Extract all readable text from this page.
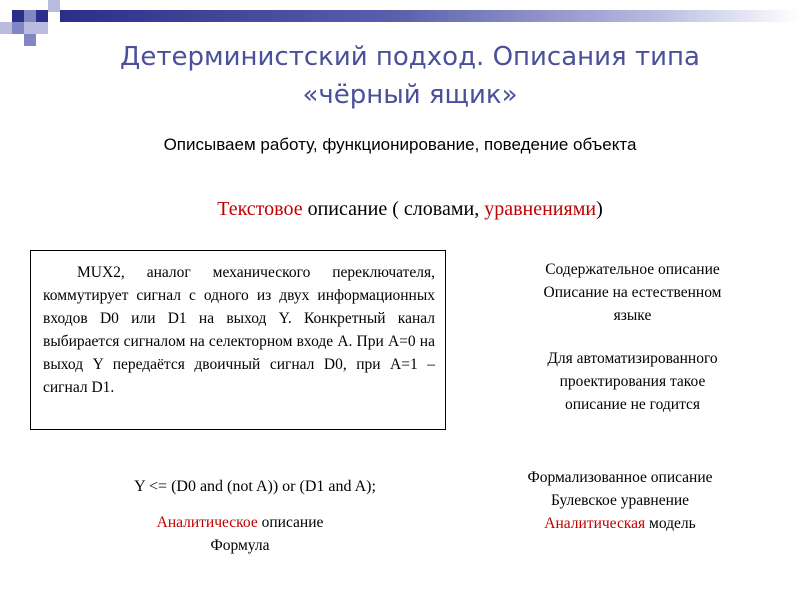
Детерминистский подход. Описания типа
«чёрный ящик»
Описываем работу, функционирование, поведение объекта
Текстовое описание ( словами, уравнениями)
MUX2, аналог механического переключателя, коммутирует сигнал с одного из двух информационных входов D0 или D1 на выход Y. Конкретный канал выбирается сигналом на селекторном входе A. При A=0 на выход Y передаётся двоичный сигнал D0, при A=1 – сигнал D1.
Содержательное описание
Описание на естественном
языке
Для автоматизированного
проектирования такое
описание не годится
Y <= (D0 and (not A)) or (D1 and A);
Аналитическое описание
Формула
Формализованное описание
Булевское уравнение
Аналитическая модель
